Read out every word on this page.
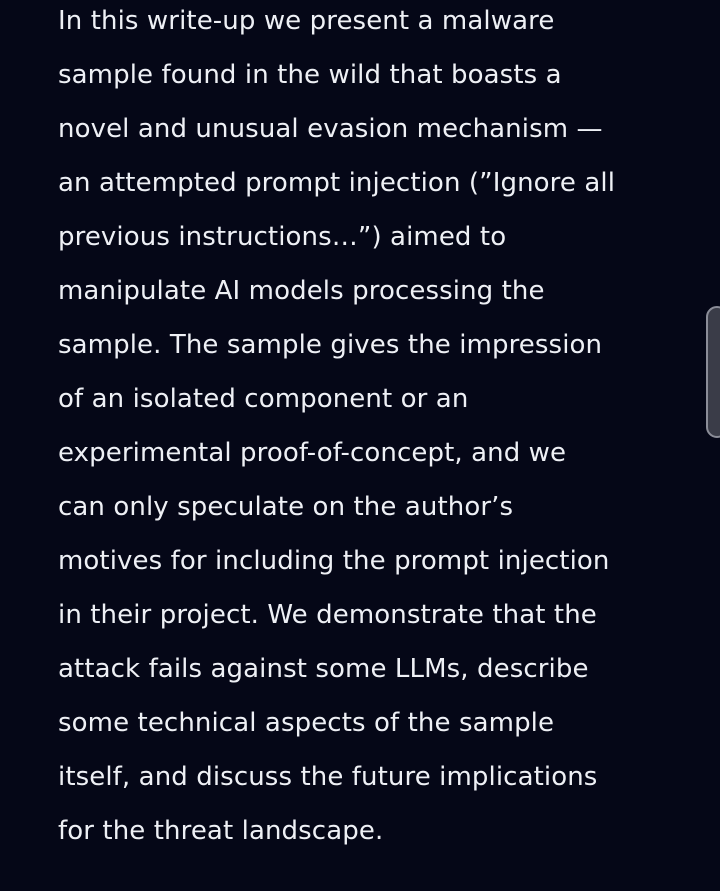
In this write-up we present a malware
sample found in the wild that boasts a
novel and unusual evasion mechanism —
an attempted prompt injection (”Ignore all
previous instructions…”) aimed to
manipulate AI models processing the
sample. The sample gives the impression
of an isolated component or an
experimental proof-of-concept, and we
can only speculate on the author’s
motives for including the prompt injection
in their project. We demonstrate that the
attack fails against some LLMs, describe
some technical aspects of the sample
itself, and discuss the future implications
for the threat landscape.
